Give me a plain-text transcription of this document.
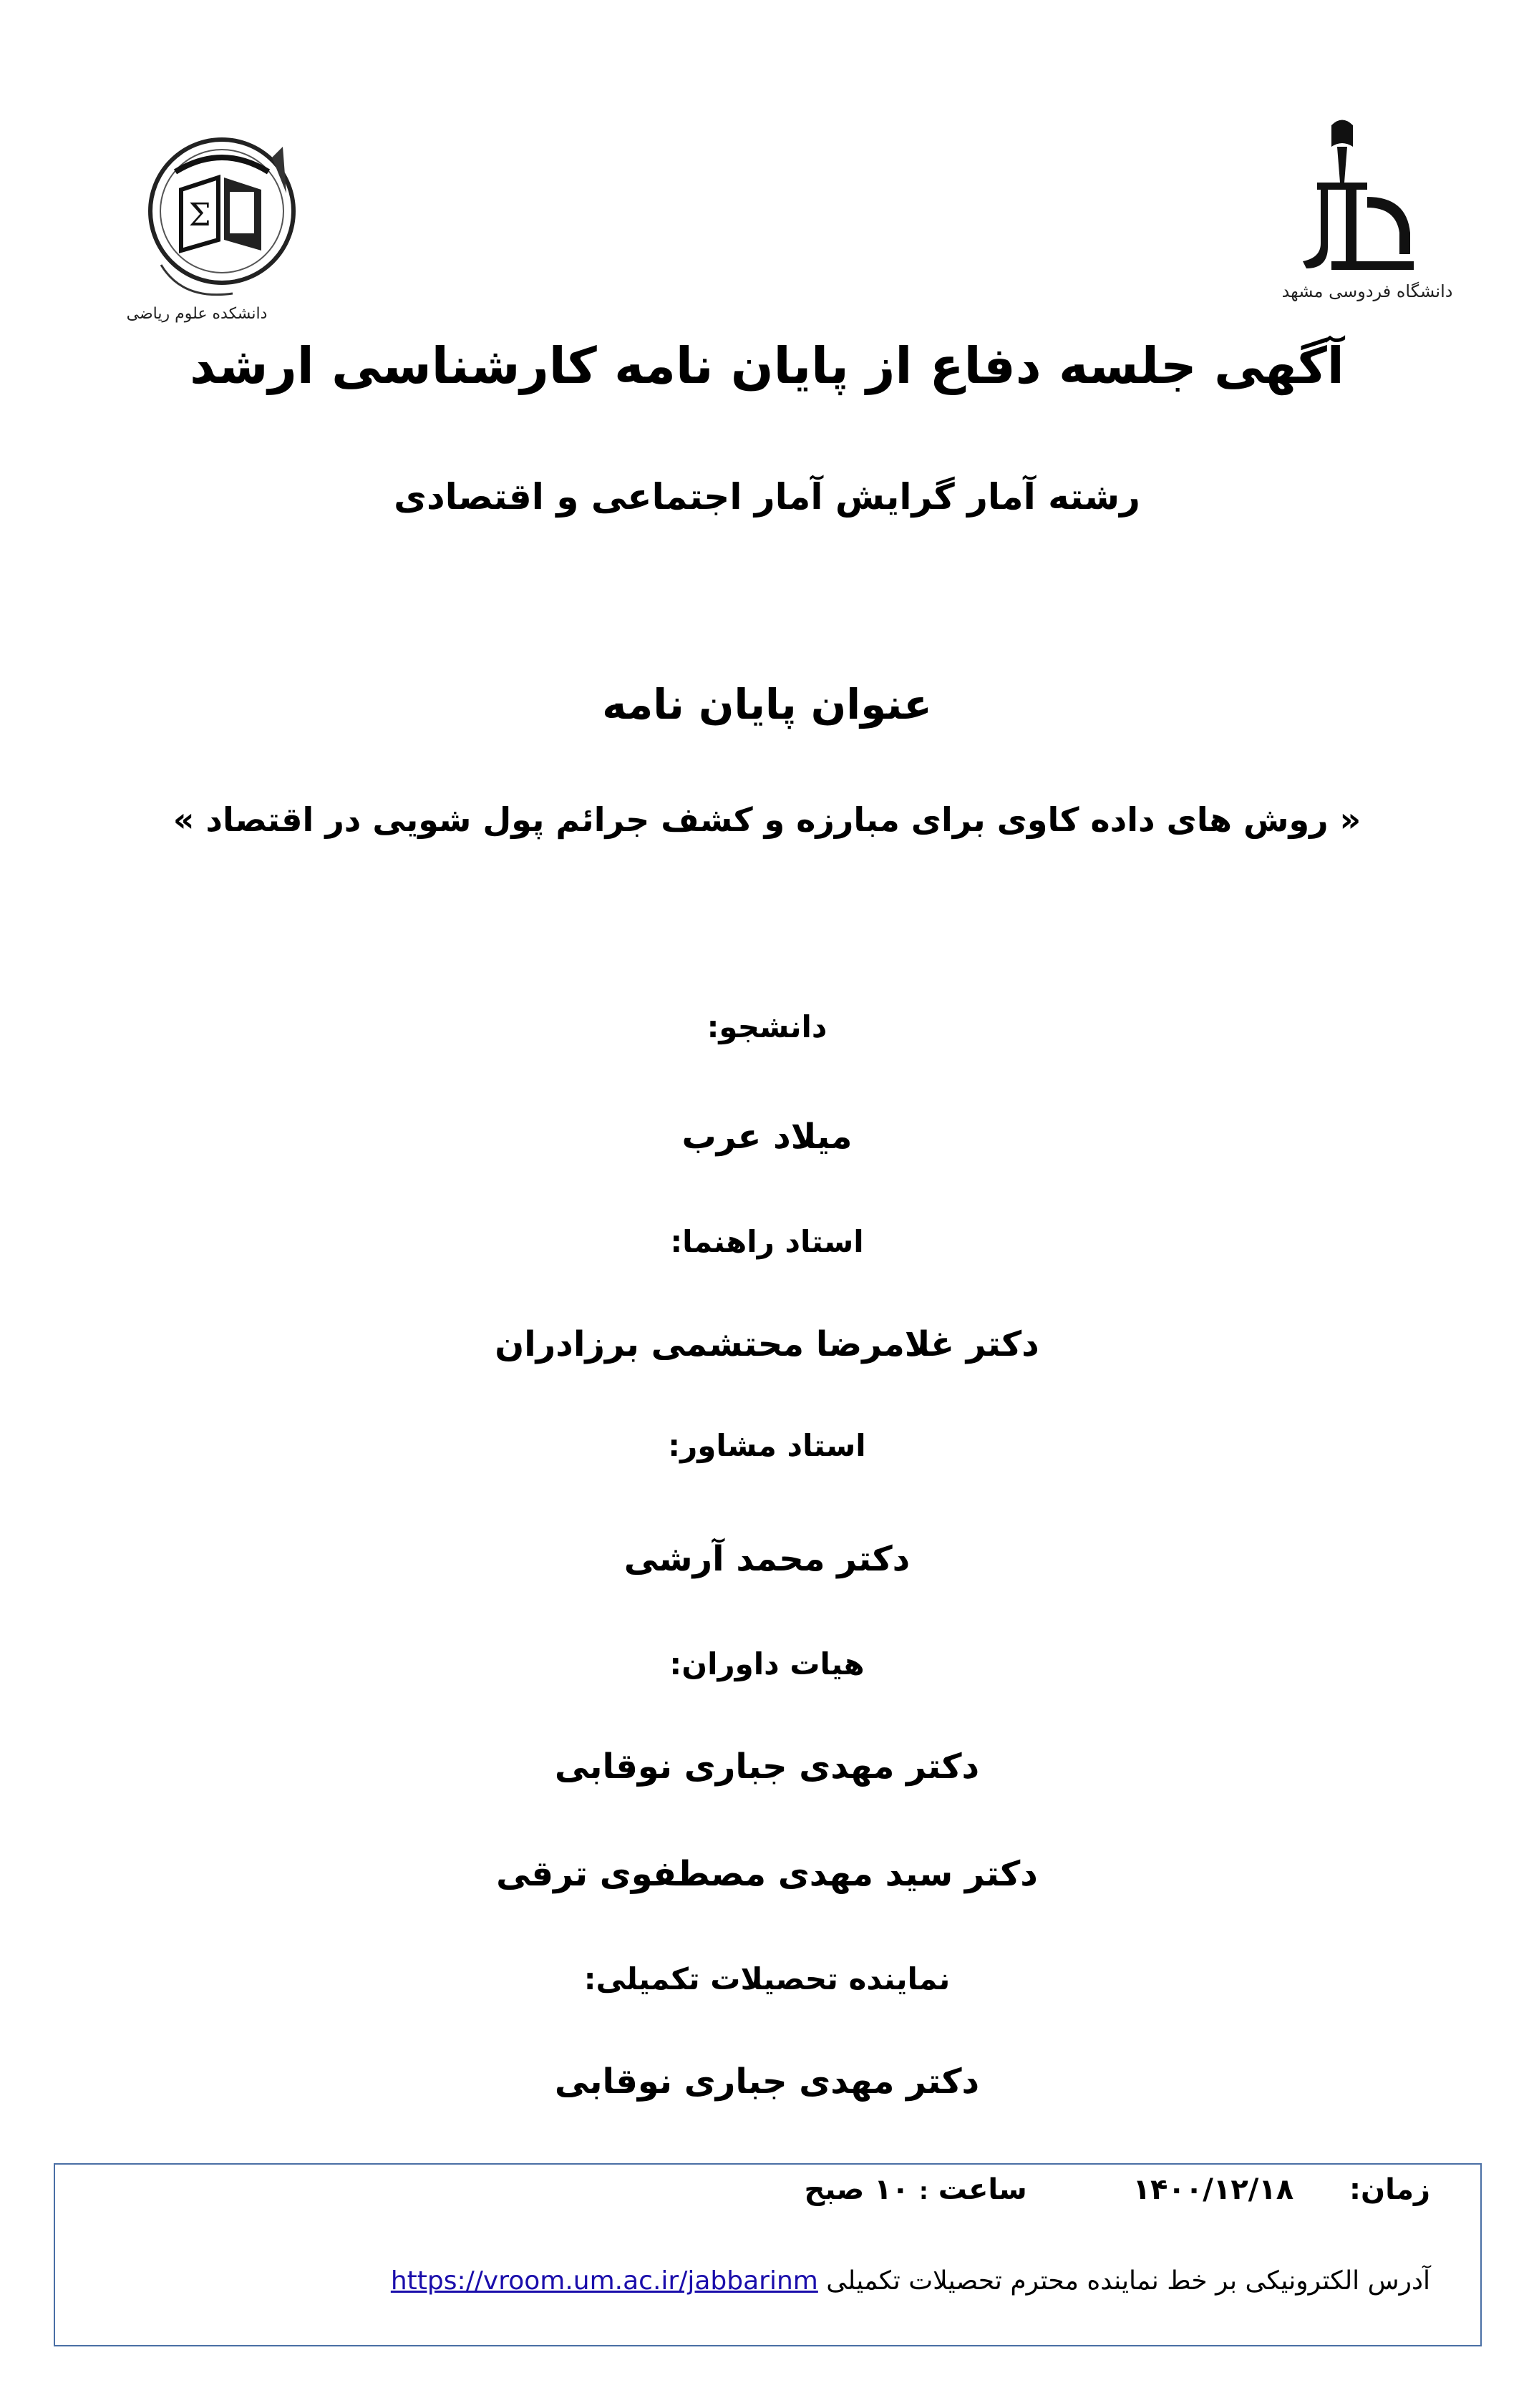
Σ
دانشکده علوم ریاضی
دانشگاه فردوسی مشهد
آگهی جلسه دفاع از پایان نامه کارشناسی ارشد
رشته آمار گرایش آمار اجتماعی و اقتصادی
عنوان پایان نامه
« روش های داده کاوی برای مبارزه و کشف جرائم پول شویی در اقتصاد »
دانشجو:
میلاد عرب
استاد راهنما:
دکتر غلامرضا محتشمی برزادران
استاد مشاور:
دکتر محمد آرشی
هیات داوران:
دکتر مهدی جباری نوقابی
دکتر سید مهدی مصطفوی ترقی
نماینده تحصیلات تکمیلی:
دکتر مهدی جباری نوقابی
زمان:  ۱۴۰۰/۱۲/۱۸  ساعت : ۱۰ صبح
آدرس الکترونیکی بر خط نماینده محترم تحصیلات تکمیلی https://vroom.um.ac.ir/jabbarinm
